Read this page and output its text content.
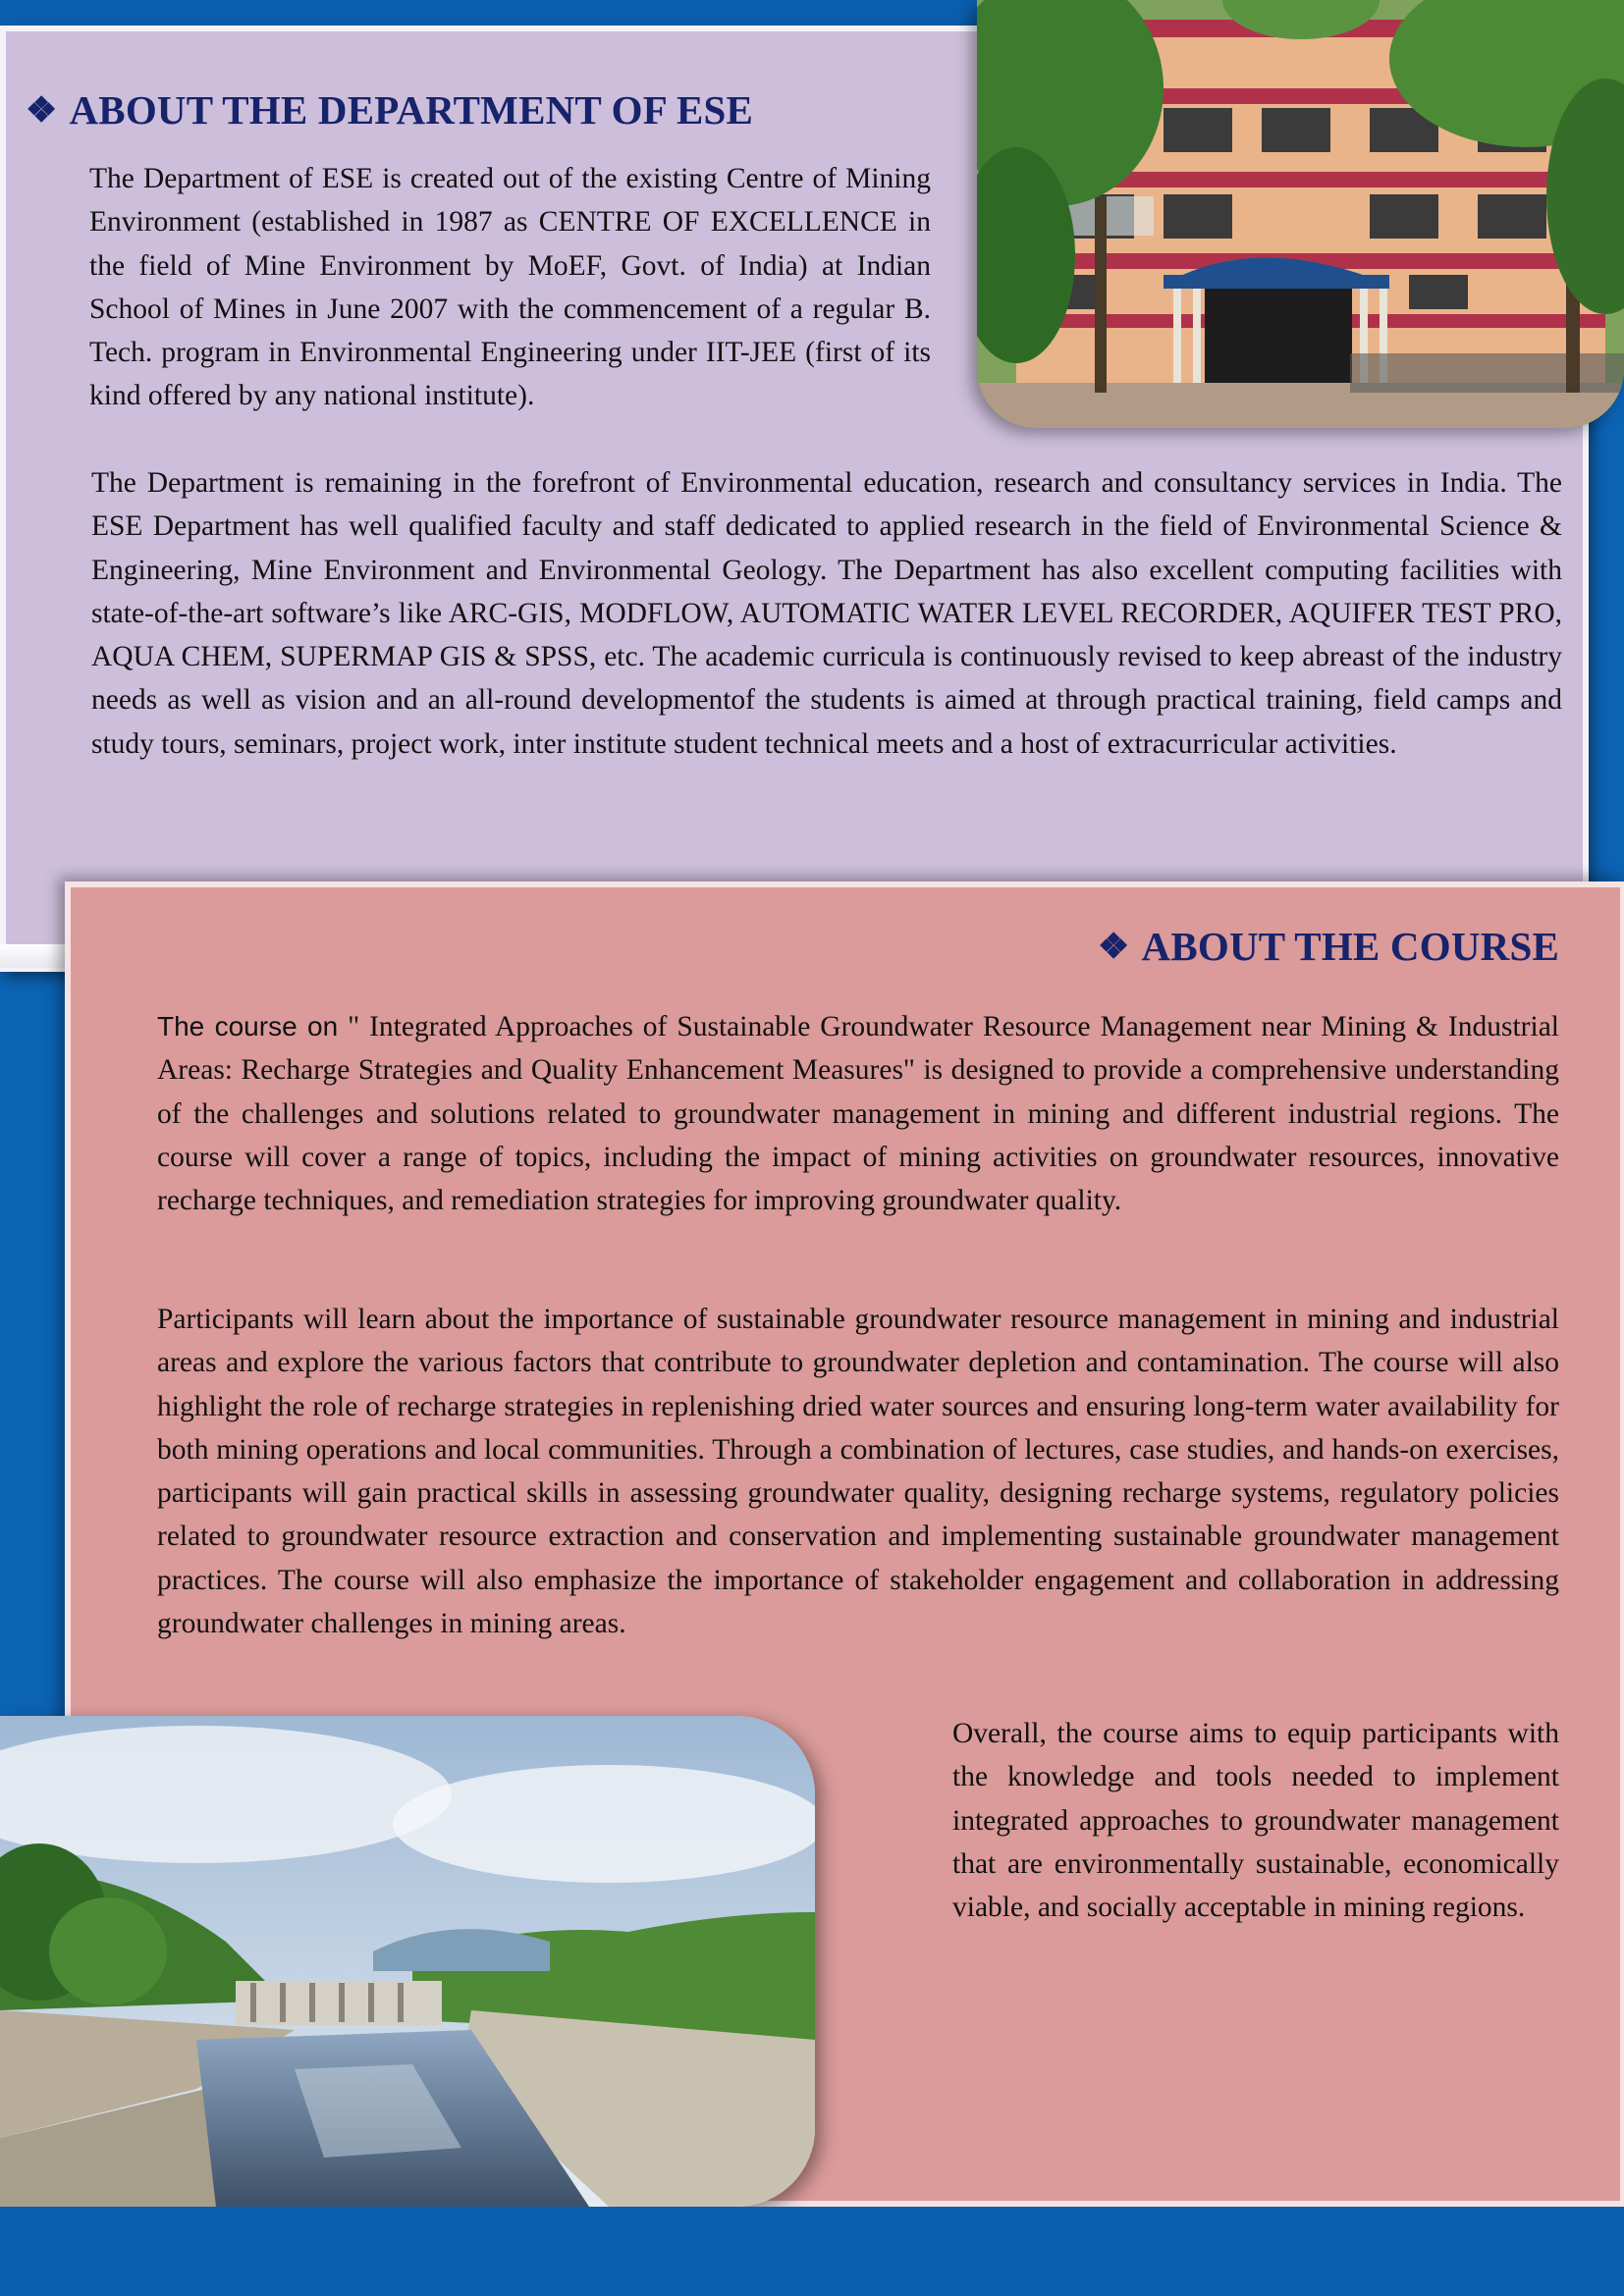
❖ ABOUT THE DEPARTMENT OF ESE

The Department of ESE is created out of the existing Centre of Mining Environment (established in 1987 as CENTRE OF EXCELLENCE in the field of Mine Environment by MoEF, Govt. of India) at Indian School of Mines in June 2007 with the commencement of a regular B. Tech. program in Environmental Engineering under IIT-JEE (first of its kind offered by any national institute).

The Department is remaining in the forefront of Environmental education, research and consultancy services in India. The ESE Department has well qualified faculty and staff dedicated to applied research in the field of Environmental Science & Engineering, Mine Environment and Environmental Geology. The Department has also excellent computing facilities with state-of-the-art software’s like ARC-GIS, MODFLOW, AUTOMATIC WATER LEVEL RECORDER, AQUIFER TEST PRO, AQUA CHEM, SUPERMAP GIS & SPSS, etc. The academic curricula is continuously revised to keep abreast of the industry needs as well as vision and an all-round developmentof the students is aimed at through practical training, field camps and study tours, seminars, project work, inter institute student technical meets and a host of extracurricular activities.

❖ ABOUT THE COURSE

The course on " Integrated Approaches of Sustainable Groundwater Resource Management near Mining & Industrial Areas: Recharge Strategies and Quality Enhancement Measures" is designed to provide a comprehensive understanding of the challenges and solutions related to groundwater management in mining and different industrial regions. The course will cover a range of topics, including the impact of mining activities on groundwater resources, innovative recharge techniques, and remediation strategies for improving groundwater quality.

Participants will learn about the importance of sustainable groundwater resource management in mining and industrial areas and explore the various factors that contribute to groundwater depletion and contamination. The course will also highlight the role of recharge strategies in replenishing dried water sources and ensuring long-term water availability for both mining operations and local communities. Through a combination of lectures, case studies, and hands-on exercises, participants will gain practical skills in assessing groundwater quality, designing recharge systems, regulatory policies related to groundwater resource extraction and conservation and implementing sustainable groundwater management practices. The course will also emphasize the importance of stakeholder engagement and collaboration in addressing groundwater challenges in mining areas.

Overall, the course aims to equip participants with the knowledge and tools needed to implement integrated approaches to groundwater management that are environmentally sustainable, economically viable, and socially acceptable in mining regions.
